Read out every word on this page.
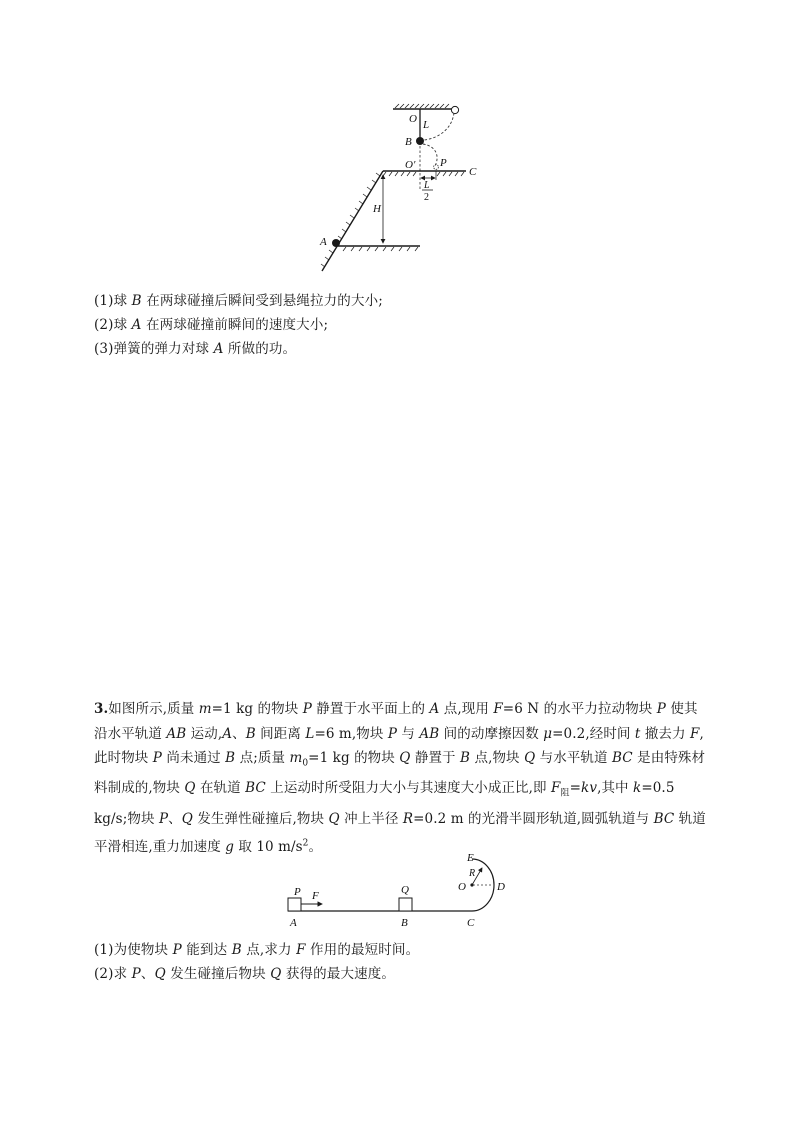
O L
B
O′ P
C
L
2
H
A
(1)球 B 在两球碰撞后瞬间受到悬绳拉力的大小;
(2)球 A 在两球碰撞前瞬间的速度大小;
(3)弹簧的弹力对球 A 所做的功。
3.如图所示,质量 m=1 kg 的物块 P 静置于水平面上的 A 点,现用 F=6 N 的水平力拉动物块 P 使其沿水平轨道 AB 运动,A、B 间距离 L=6 m,物块 P 与 AB 间的动摩擦因数 μ=0.2,经时间 t 撤去力 F,此时物块 P 尚未通过 B 点;质量 $m_0=1$ kg 的物块 Q 静置于 B 点,物块 Q 与水平轨道 BC 是由特殊材料制成的,物块 Q 在轨道 BC 上运动时所受阻力大小与其速度大小成正比,即 $F_阻=kv$,其中 k=0.5 kg/s;物块 P、Q 发生弹性碰撞后,物块 Q 冲上半径 R=0.2 m 的光滑半圆形轨道,圆弧轨道与 BC 轨道平滑相连,重力加速度 g 取 10 $m/s^2$。
P F
A
Q
B	C
E
R
O	D
(1)为使物块 P 能到达 B 点,求力 F 作用的最短时间。
(2)求 P、Q 发生碰撞后物块 Q 获得的最大速度。
